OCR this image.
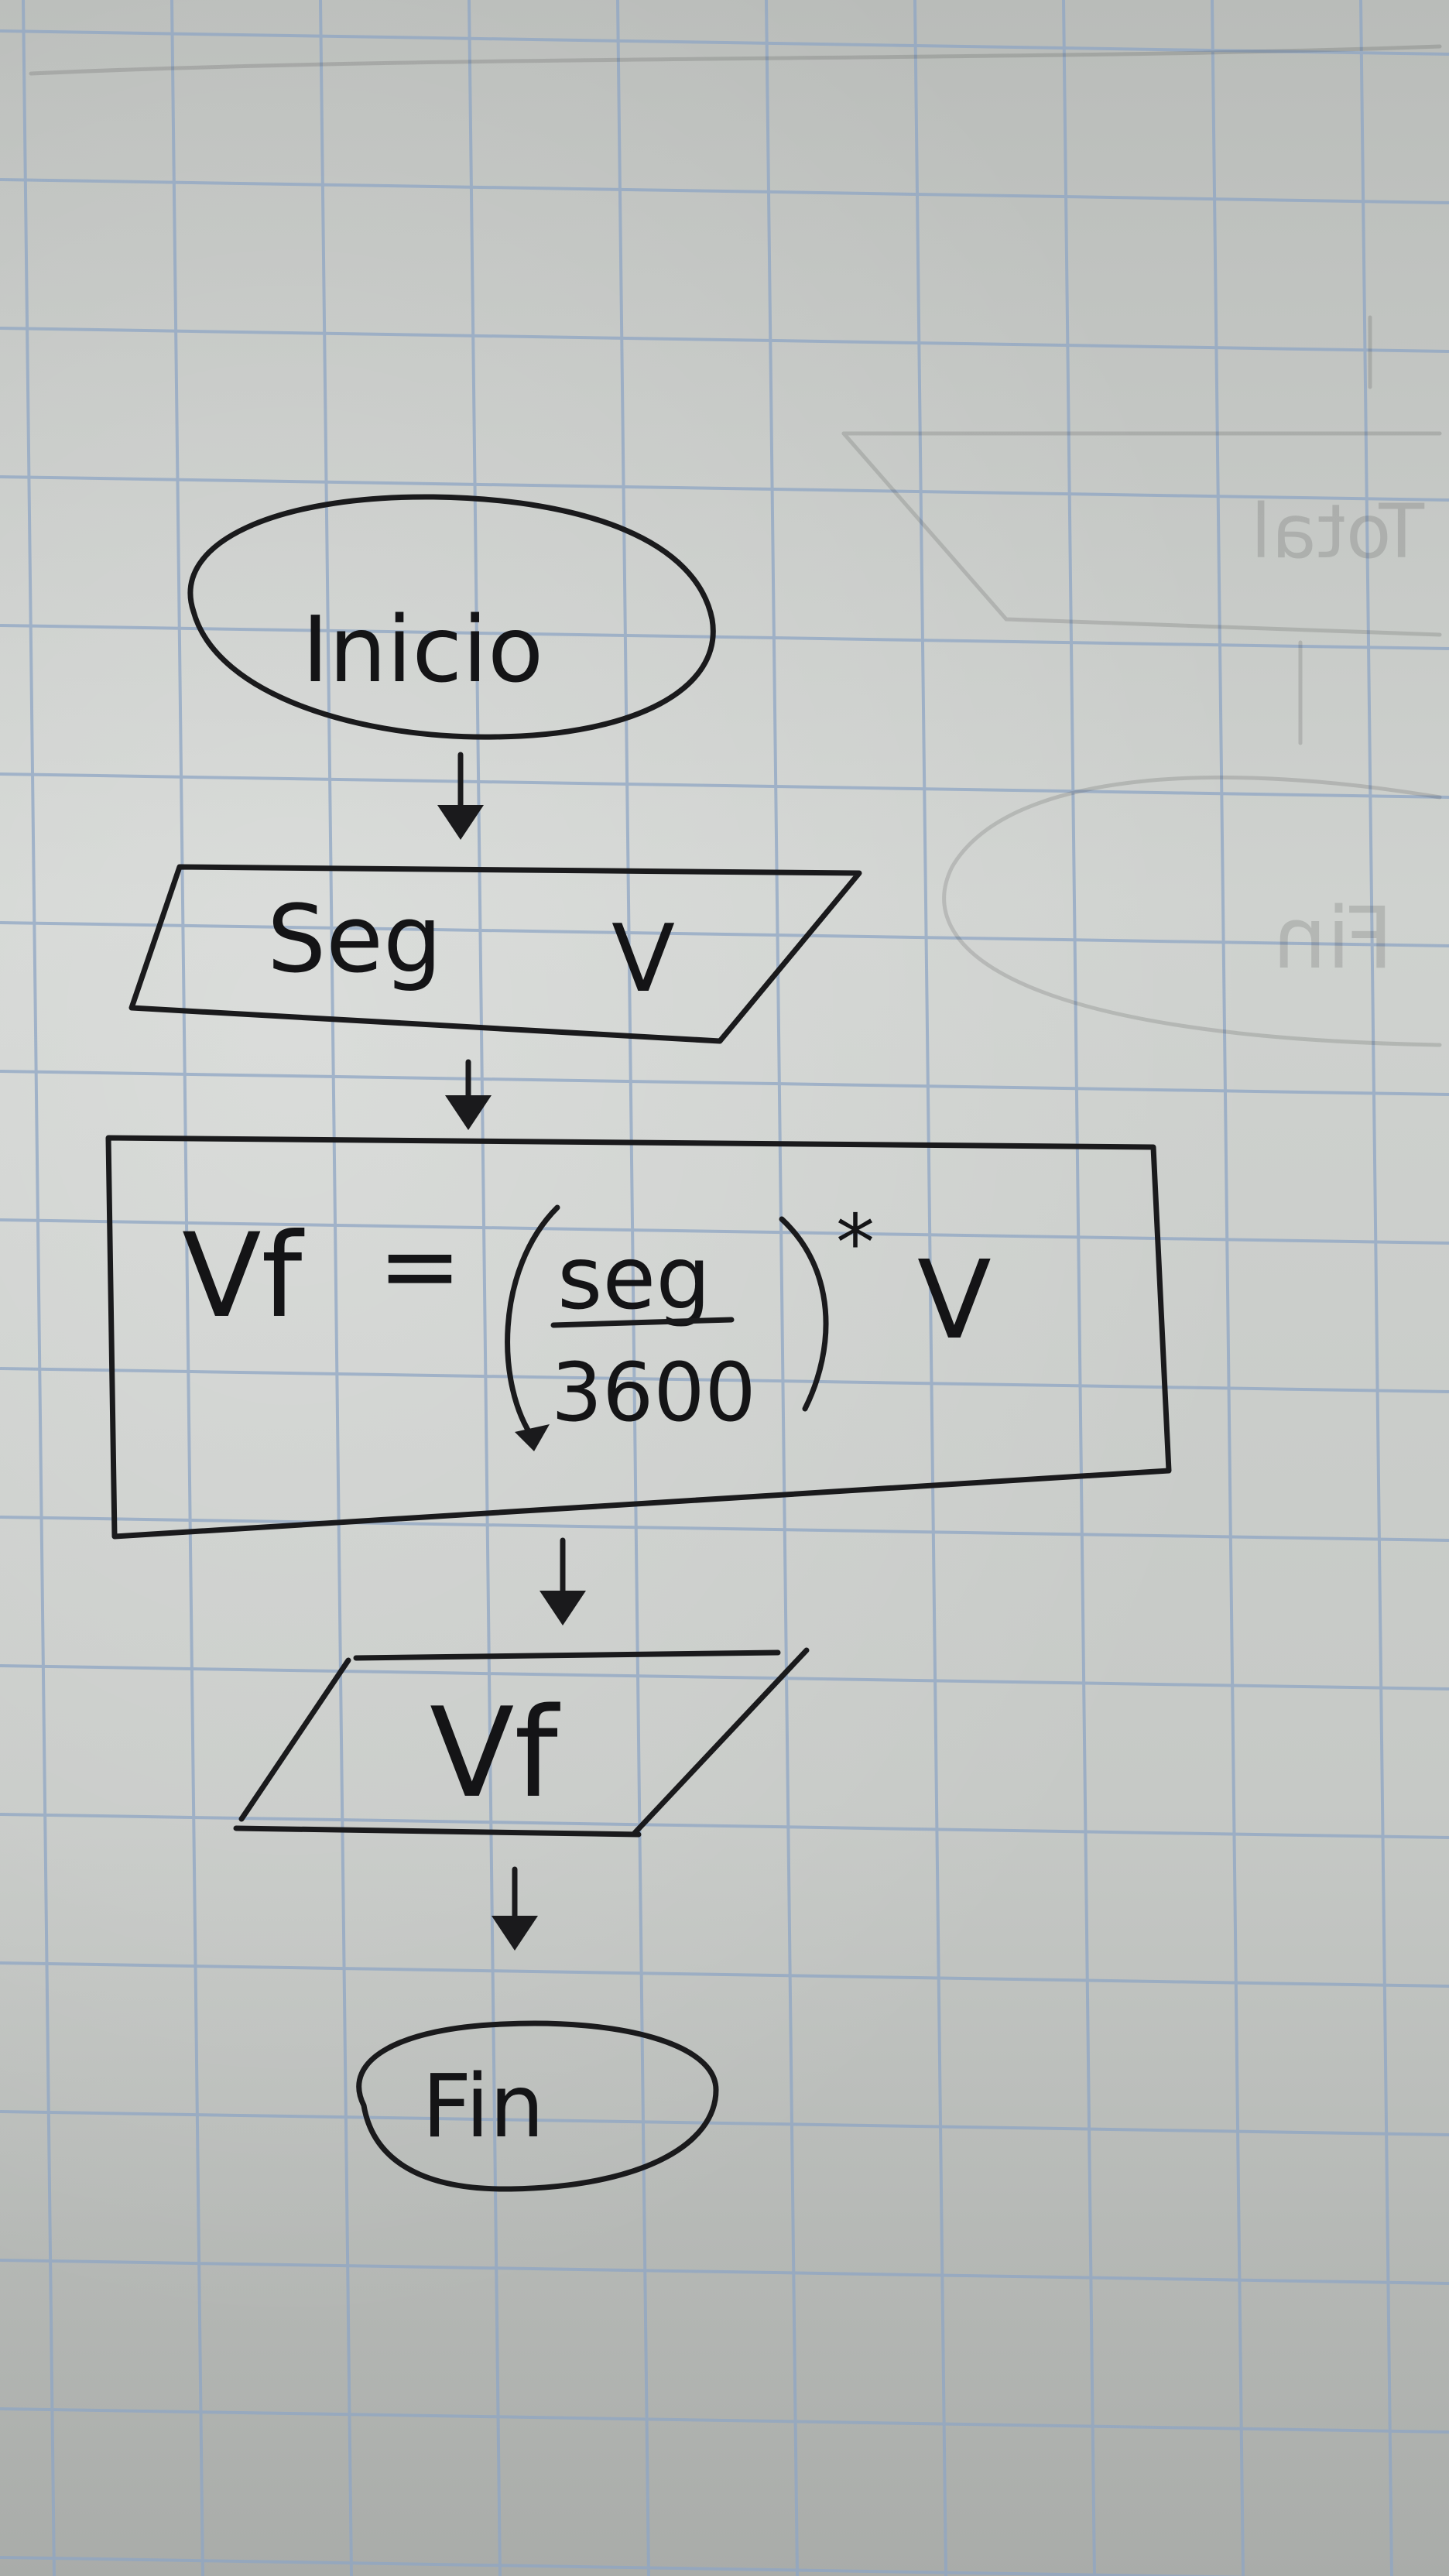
Total
Fin
Inicio
Seg V
Vf = seg
3600
* V
Vf
Fin
